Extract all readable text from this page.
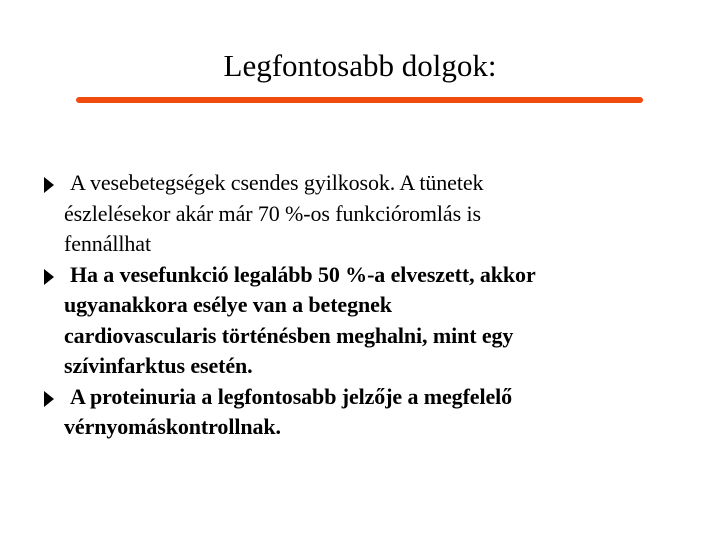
Legfontosabb dolgok:
A vesebetegségek csendes gyilkosok. A tünetek
észlelésekor akár már 70 %-os funkcióromlás is
fennállhat
Ha a vesefunkció legalább 50 %-a elveszett, akkor
ugyanakkora esélye van a betegnek
cardiovascularis történésben meghalni, mint egy
szívinfarktus esetén.
A proteinuria a legfontosabb jelzője a megfelelő
vérnyomáskontrollnak.
